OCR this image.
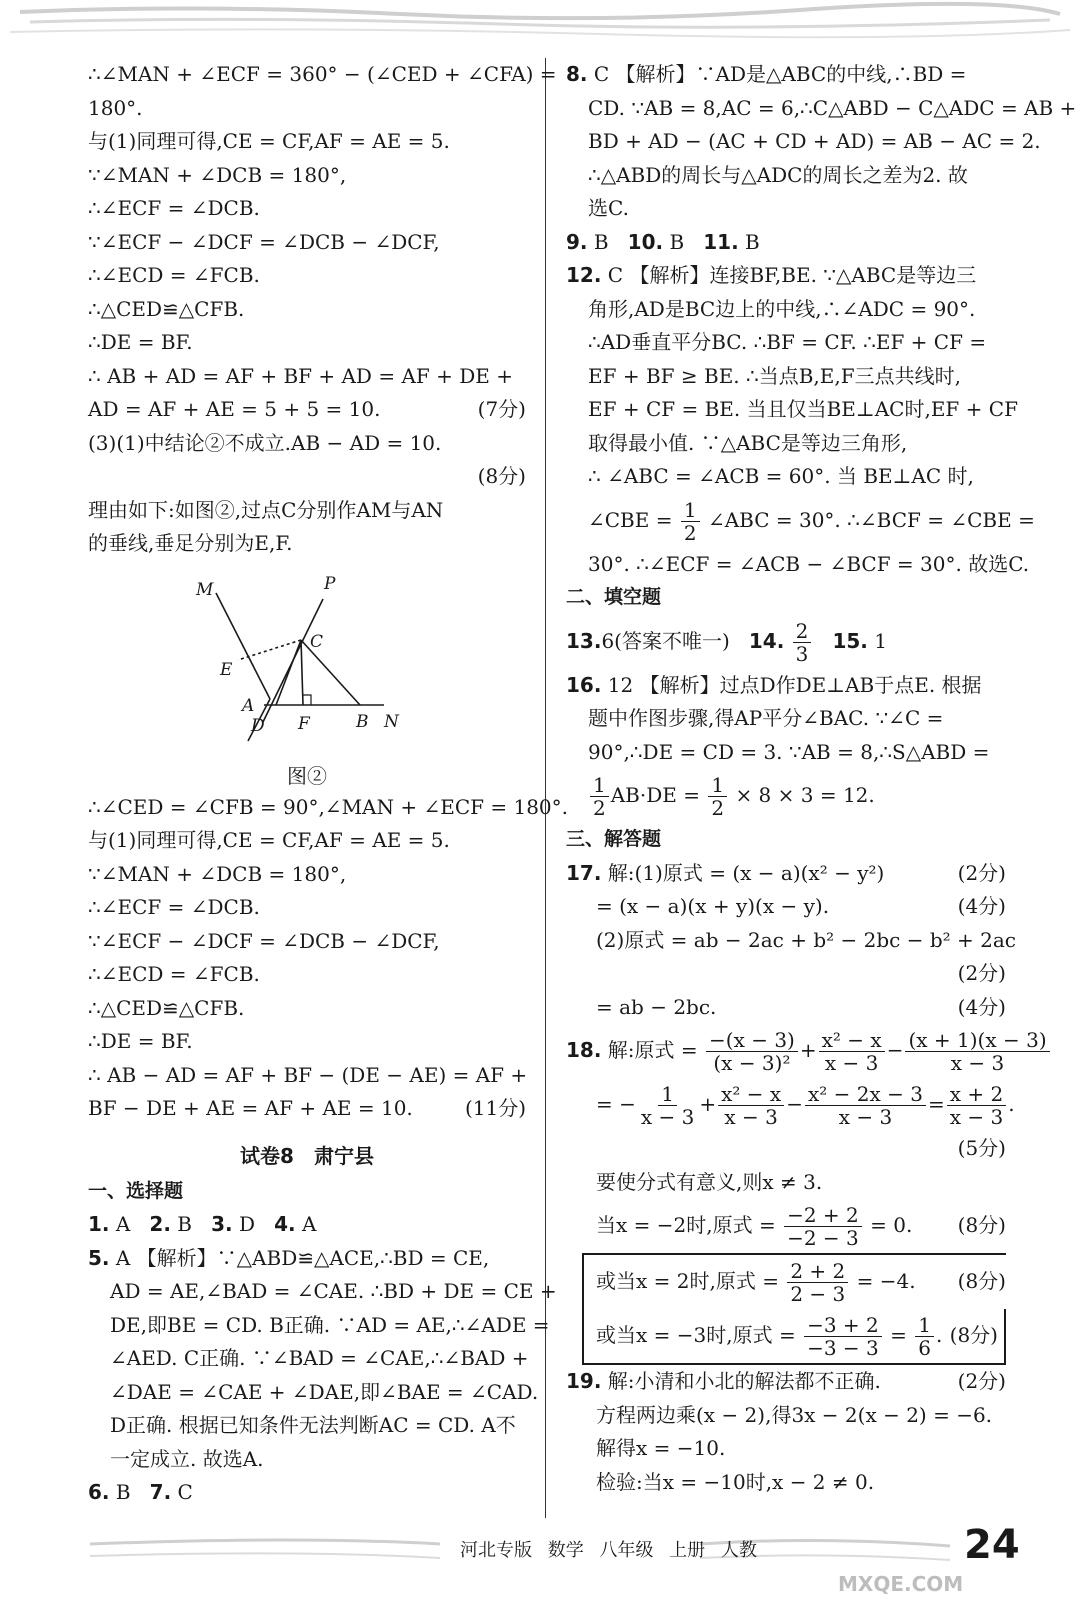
∴∠MAN + ∠ECF = 360° − (∠CED + ∠CFA) =
180°.
与(1)同理可得,CE = CF,AF = AE = 5.
∵∠MAN + ∠DCB = 180°,
∴∠ECF = ∠DCB.
∵∠ECF − ∠DCF = ∠DCB − ∠DCF,
∴∠ECD = ∠FCB.
∴△CED≌△CFB.
∴DE = BF.
∴ AB + AD = AF + BF + AD = AF + DE +
AD = AF + AE = 5 + 5 = 10.	(7分)
(3)(1)中结论②不成立.AB − AD = 10.
(8分)
理由如下:如图②,过点C分别作AM与AN
的垂线,垂足分别为E,F.
M	P
C
E
A
D F	B N
图②
∴∠CED = ∠CFB = 90°,∠MAN + ∠ECF = 180°.
与(1)同理可得,CE = CF,AF = AE = 5.
∵∠MAN + ∠DCB = 180°,
∴∠ECF = ∠DCB.
∵∠ECF − ∠DCF = ∠DCB − ∠DCF,
∴∠ECD = ∠FCB.
∴△CED≌△CFB.
∴DE = BF.
∴ AB − AD = AF + BF − (DE − AE) = AF +
BF − DE + AE = AF + AE = 10.	(11分)
试卷8　肃宁县
一、选择题
1. A 2. B 3. D 4. A
5. A 【解析】∵△ABD≌△ACE,∴BD = CE,
AD = AE,∠BAD = ∠CAE. ∴BD + DE = CE +
DE,即BE = CD. B正确. ∵AD = AE,∴∠ADE =
∠AED. C正确. ∵∠BAD = ∠CAE,∴∠BAD +
∠DAE = ∠CAE + ∠DAE,即∠BAE = ∠CAD.
D正确. 根据已知条件无法判断AC = CD. A不
一定成立. 故选A.
6. B 7. C
8. C 【解析】∵AD是△ABC的中线,∴BD =
CD. ∵AB = 8,AC = 6,∴C△ABD − C△ADC = AB +
BD + AD − (AC + CD + AD) = AB − AC = 2.
∴△ABD的周长与△ADC的周长之差为2. 故
选C.
9. B 10. B 11. B
12. C 【解析】连接BF,BE. ∵△ABC是等边三
角形,AD是BC边上的中线,∴∠ADC = 90°.
∴AD垂直平分BC. ∴BF = CF. ∴EF + CF =
EF + BF ≥ BE. ∴当点B,E,F三点共线时,
EF + CF = BE. 当且仅当BE⊥AC时,EF + CF
取得最小值. ∵△ABC是等边三角形,
∴ ∠ABC = ∠ACB = 60°. 当 BE⊥AC 时,
∠CBE = $\frac{1}{2}$ ∠ABC = 30°. ∴∠BCF = ∠CBE =
30°. ∴∠ECF = ∠ACB − ∠BCF = 30°. 故选C.
二、填空题
13.6(答案不唯一) 14. $\frac{2}{3} 15$. 1
16. 12 【解析】过点D作DE⊥AB于点E. 根据
题中作图步骤,得AP平分∠BAC. ∵∠C =
90°,∴DE = CD = 3. ∵AB = 8,∴S△ABD =
$\frac{1}{2} AB\cdot DE = \frac{1}{2} \times 8 \times 3 = 12$.
三、解答题
17. 解:(1)原式 = (x − a)(x² − y²)	(2分)
= (x − a)(x + y)(x − y).	(4分)
(2)原式 = ab − 2ac + b² − 2bc − b² + 2ac
(2分)
= ab − 2bc.	(4分)
18. 解:原式 = $\frac{-(x - 3)}{\text{(x − 3)²}} + \frac{\text{x² − x}}{x - 3} - \frac{(x + 1)(x - 3)}{x - 3}$
= − $\frac{1}{x - 3} + \frac{\text{x² − x}}{x - 3} - \frac{\text{x² − 2x − 3}}{x - 3} = \frac{x + 2}{x - 3}$ .
(5分)
要使分式有意义,则x ≠ 3.
当x = −2时,原式 = $\frac{-2 + 2}{-2 - 3} = 0$. (8分)
或当x = 2时,原式 = $\frac{2 + 2}{2 - 3} = -4$. (8分)
或当x = −3时,原式 = $\frac{-3 + 2}{-3 - 3} = \frac{1}{6}$ . (8分)
19. 解:小清和小北的解法都不正确.	(2分)
方程两边乘(x − 2),得3x − 2(x − 2) = −6.
解得x = −10.
检验:当x = −10时,x − 2 ≠ 0.
河北专版 数学 八年级 上册 人教	24
MXQE.COM
